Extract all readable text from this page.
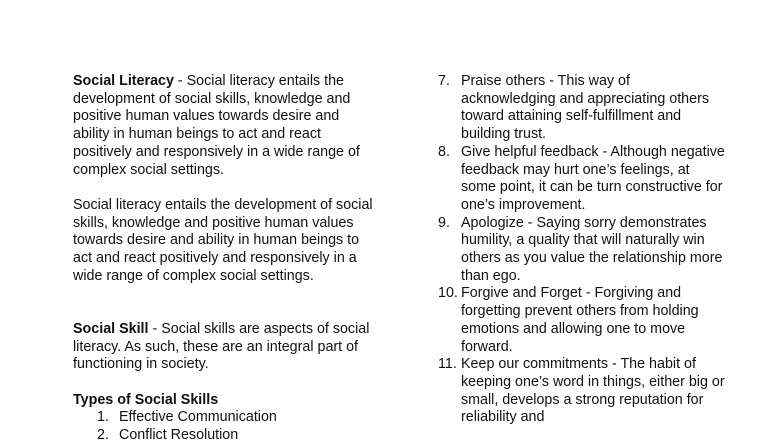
Social Literacy - Social literacy entails the development of social skills, knowledge and positive human values towards desire and ability in human beings to act and react positively and responsively in a wide range of complex social settings.

Social literacy entails the development of social skills, knowledge and positive human values towards desire and ability in human beings to act and react positively and responsively in a wide range of complex social settings.

Social Skill - Social skills are aspects of social literacy. As such, these are an integral part of functioning in society.

Types of Social Skills

1. Effective Communication
2. Conflict Resolution
7. Praise others - This way of acknowledging and appreciating others toward attaining self-fulfillment and building trust.
8. Give helpful feedback - Although negative feedback may hurt one’s feelings, at some point, it can be turn constructive for one’s improvement.
9. Apologize - Saying sorry demonstrates humility, a quality that will naturally win others as you value the relationship more than ego.
10. Forgive and Forget - Forgiving and forgetting prevent others from holding emotions and allowing one to move forward.
11. Keep our commitments - The habit of keeping one’s word in things, either big or small, develops a strong reputation for reliability and
